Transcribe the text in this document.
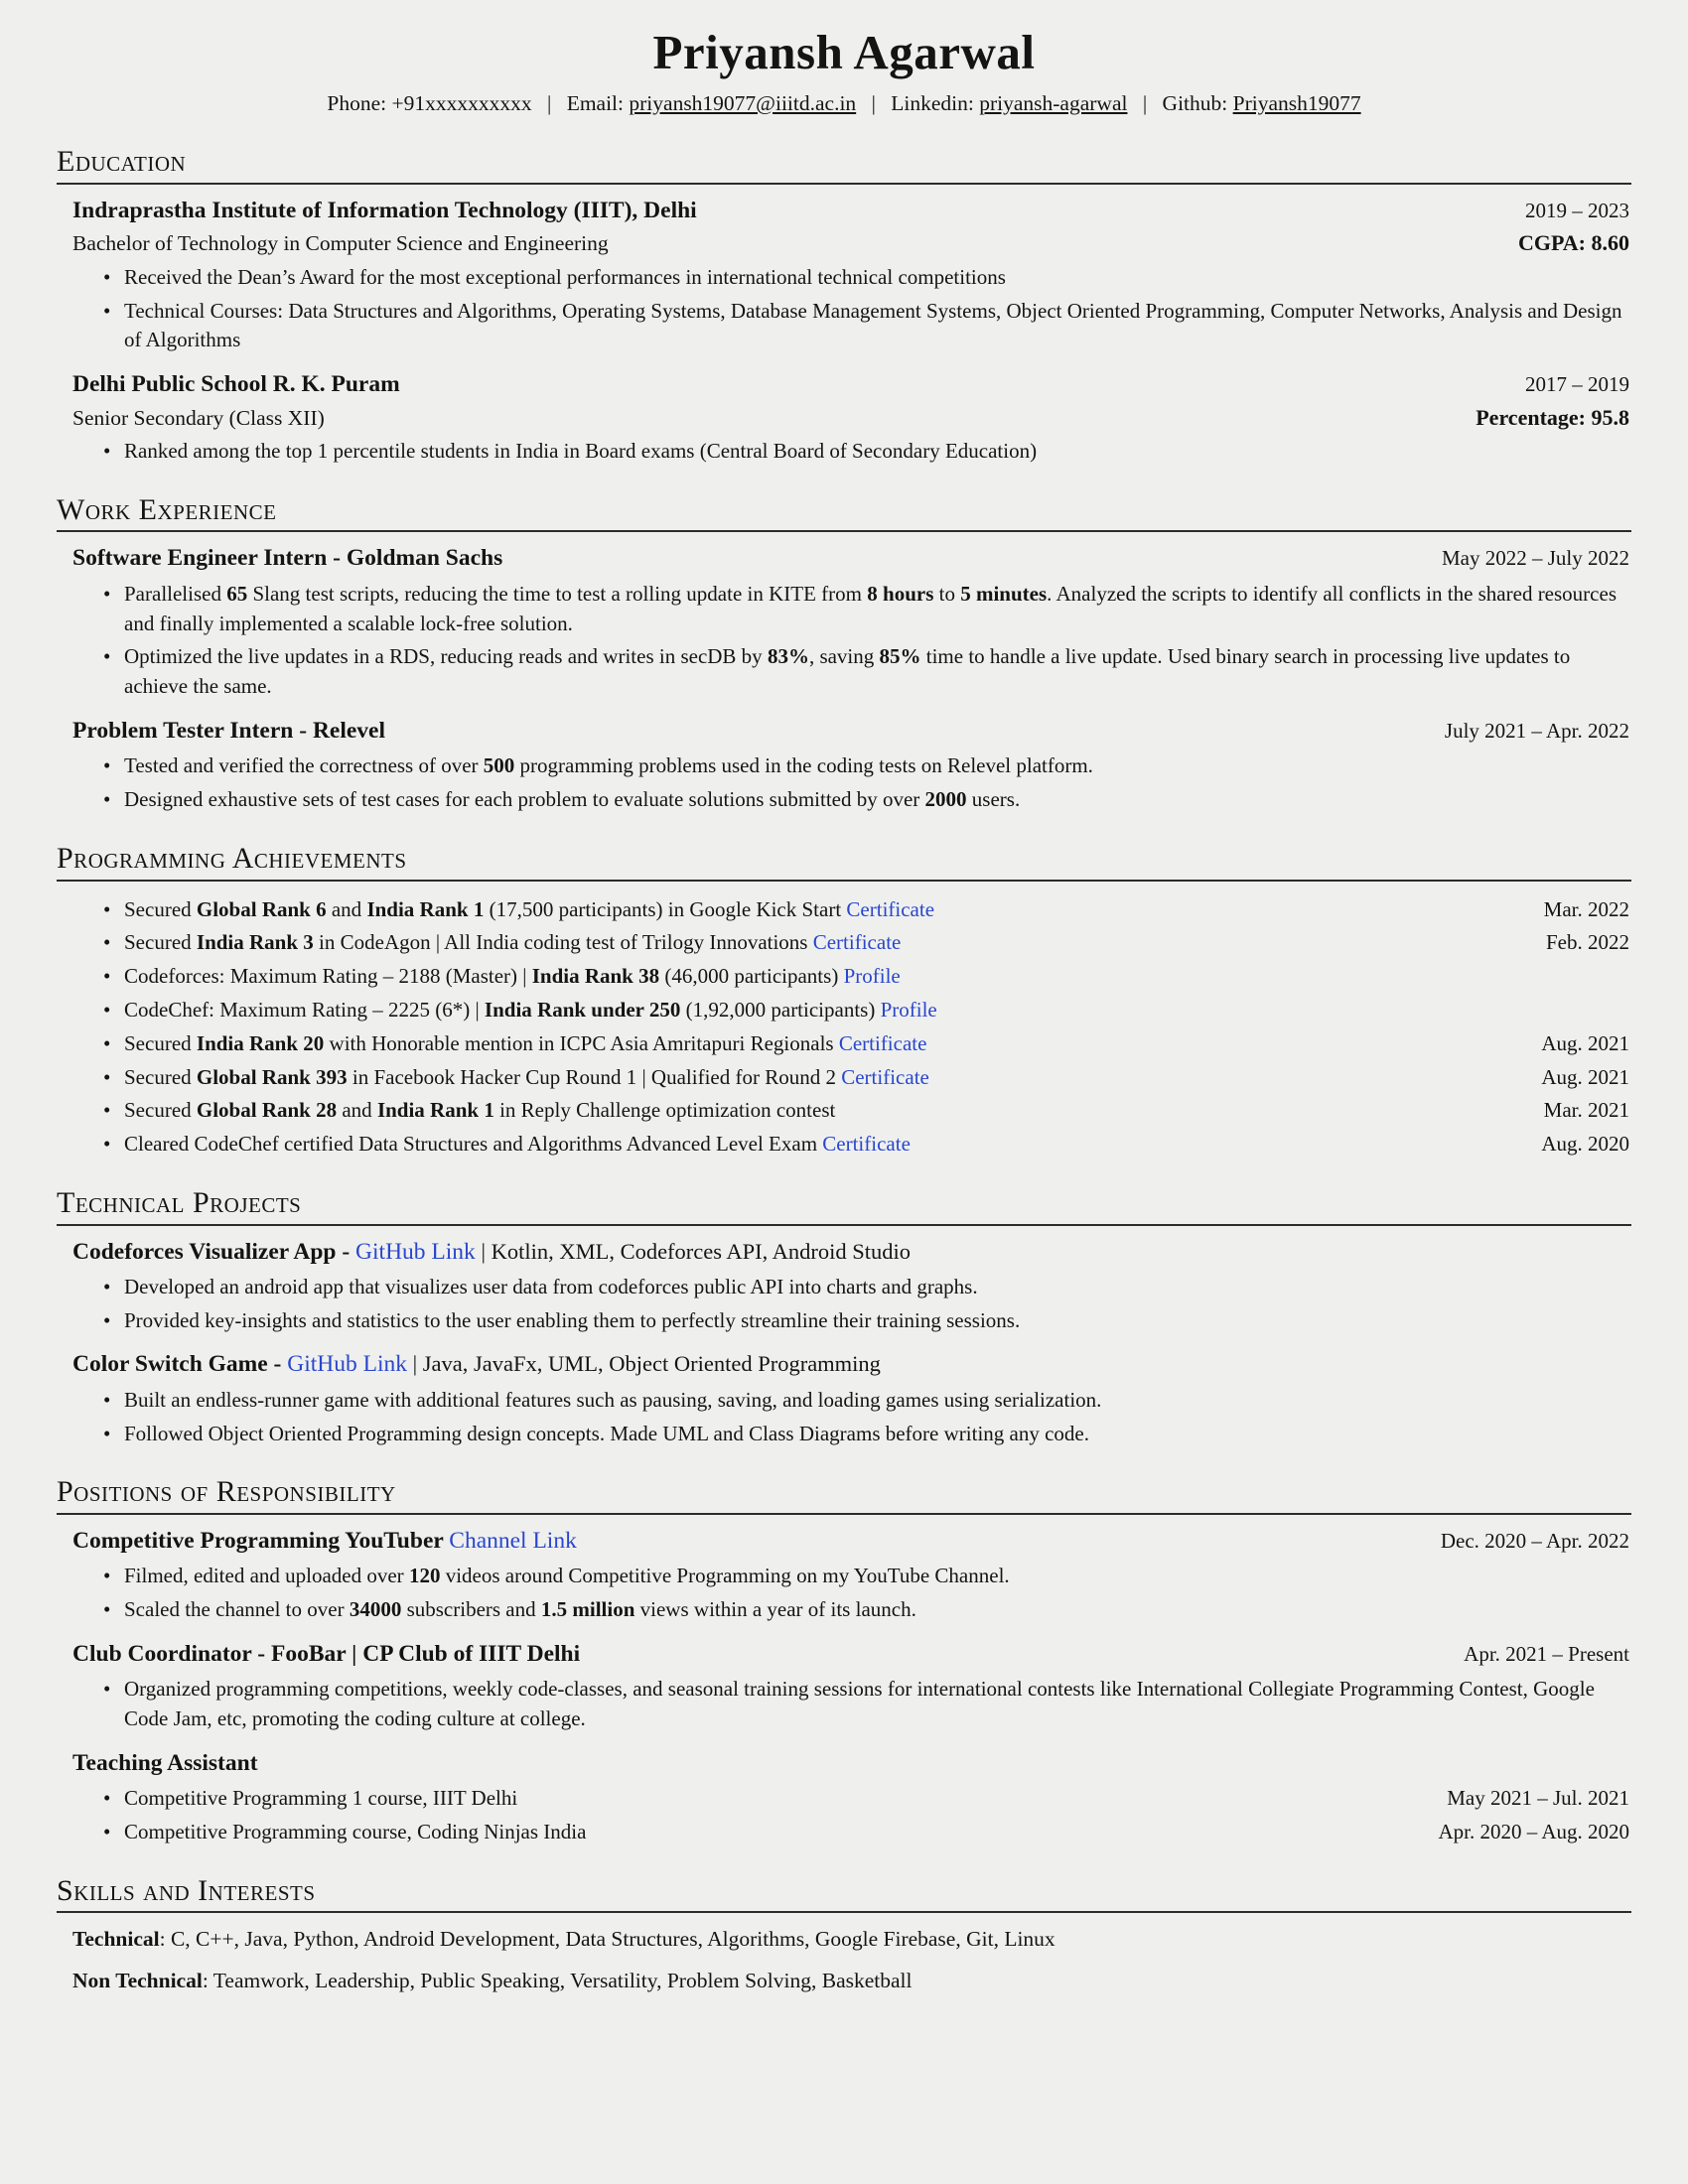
Priyansh Agarwal
Phone: +91xxxxxxxxxx | Email: priyansh19077@iiitd.ac.in | Linkedin: priyansh-agarwal | Github: Priyansh19077
Education
Indraprastha Institute of Information Technology (IIIT), Delhi	2019 – 2023
Bachelor of Technology in Computer Science and Engineering	CGPA: 8.60
• Received the Dean’s Award for the most exceptional performances in international technical competitions
• Technical Courses: Data Structures and Algorithms, Operating Systems, Database Management Systems, Object Oriented Programming, Computer Networks, Analysis and Design of Algorithms
Delhi Public School R. K. Puram	2017 – 2019
Senior Secondary (Class XII)	Percentage: 95.8
• Ranked among the top 1 percentile students in India in Board exams (Central Board of Secondary Education)
Work Experience
Software Engineer Intern - Goldman Sachs	May 2022 – July 2022
• Parallelised 65 Slang test scripts, reducing the time to test a rolling update in KITE from 8 hours to 5 minutes. Analyzed the scripts to identify all conflicts in the shared resources and finally implemented a scalable lock-free solution.
• Optimized the live updates in a RDS, reducing reads and writes in secDB by 83%, saving 85% time to handle a live update. Used binary search in processing live updates to achieve the same.
Problem Tester Intern - Relevel	July 2021 – Apr. 2022
• Tested and verified the correctness of over 500 programming problems used in the coding tests on Relevel platform.
• Designed exhaustive sets of test cases for each problem to evaluate solutions submitted by over 2000 users.
Programming Achievements
• Secured Global Rank 6 and India Rank 1 (17,500 participants) in Google Kick Start Certificate	Mar. 2022
• Secured India Rank 3 in CodeAgon | All India coding test of Trilogy Innovations Certificate	Feb. 2022
• Codeforces: Maximum Rating – 2188 (Master) | India Rank 38 (46,000 participants) Profile
• CodeChef: Maximum Rating – 2225 (6*) | India Rank under 250 (1,92,000 participants) Profile
• Secured India Rank 20 with Honorable mention in ICPC Asia Amritapuri Regionals Certificate	Aug. 2021
• Secured Global Rank 393 in Facebook Hacker Cup Round 1 | Qualified for Round 2 Certificate	Aug. 2021
• Secured Global Rank 28 and India Rank 1 in Reply Challenge optimization contest	Mar. 2021
• Cleared CodeChef certified Data Structures and Algorithms Advanced Level Exam Certificate	Aug. 2020
Technical Projects
Codeforces Visualizer App - GitHub Link | Kotlin, XML, Codeforces API, Android Studio
• Developed an android app that visualizes user data from codeforces public API into charts and graphs.
• Provided key-insights and statistics to the user enabling them to perfectly streamline their training sessions.
Color Switch Game - GitHub Link | Java, JavaFx, UML, Object Oriented Programming
• Built an endless-runner game with additional features such as pausing, saving, and loading games using serialization.
• Followed Object Oriented Programming design concepts. Made UML and Class Diagrams before writing any code.
Positions of Responsibility
Competitive Programming YouTuber Channel Link	Dec. 2020 – Apr. 2022
• Filmed, edited and uploaded over 120 videos around Competitive Programming on my YouTube Channel.
• Scaled the channel to over 34000 subscribers and 1.5 million views within a year of its launch.
Club Coordinator - FooBar | CP Club of IIIT Delhi	Apr. 2021 – Present
• Organized programming competitions, weekly code-classes, and seasonal training sessions for international contests like International Collegiate Programming Contest, Google Code Jam, etc, promoting the coding culture at college.
Teaching Assistant
• Competitive Programming 1 course, IIIT Delhi	May 2021 – Jul. 2021
• Competitive Programming course, Coding Ninjas India	Apr. 2020 – Aug. 2020
Skills and Interests
Technical: C, C++, Java, Python, Android Development, Data Structures, Algorithms, Google Firebase, Git, Linux
Non Technical: Teamwork, Leadership, Public Speaking, Versatility, Problem Solving, Basketball
